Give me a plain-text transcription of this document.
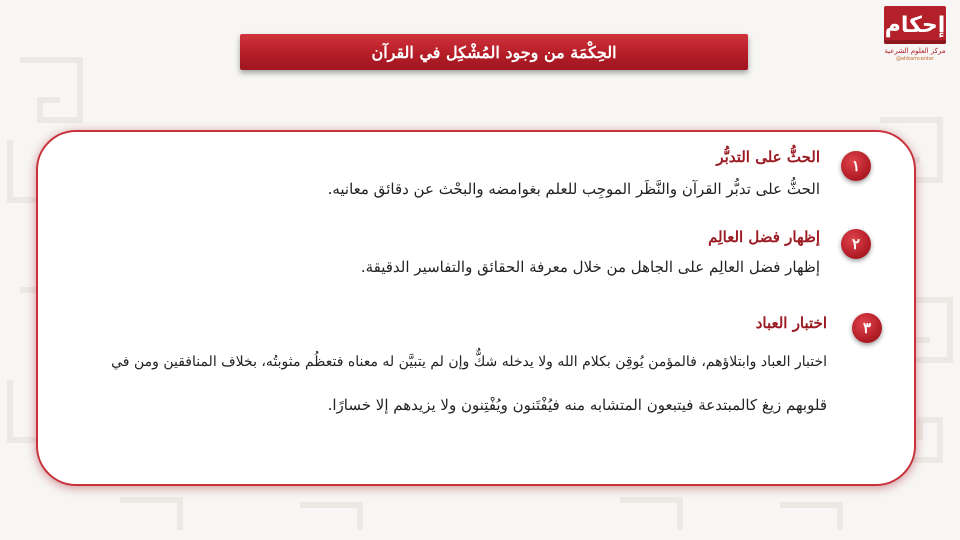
إحكام
مركز العلوم الشرعية
@ehkamcenter
الحِكْمَة من وجود المُشْكِل في القرآن
١
الحثُّ على التدبُّر
الحثُّ على تدبُّر القرآن والنَّظَر الموجِب للعلم بغوامضه والبحْث عن دقائق معانيه.
٢
إظهار فضل العالِم
إظهار فضل العالِم على الجاهل من خلال معرفة الحقائق والتفاسير الدقيقة.
٣
اختبار العباد
اختبار العباد وابتلاؤهم، فالمؤمن يُوقِن بكلام الله ولا يدخله شكٌّ وإن لم يتبيَّن له معناه فتعظُم مثوبتُه، بخلاف المنافقين ومن في
قلوبهم زيغ كالمبتدعة فيتبعون المتشابه منه فيُفْتَنون ويُفْتِنون ولا يزيدهم إلا خسارًا.
